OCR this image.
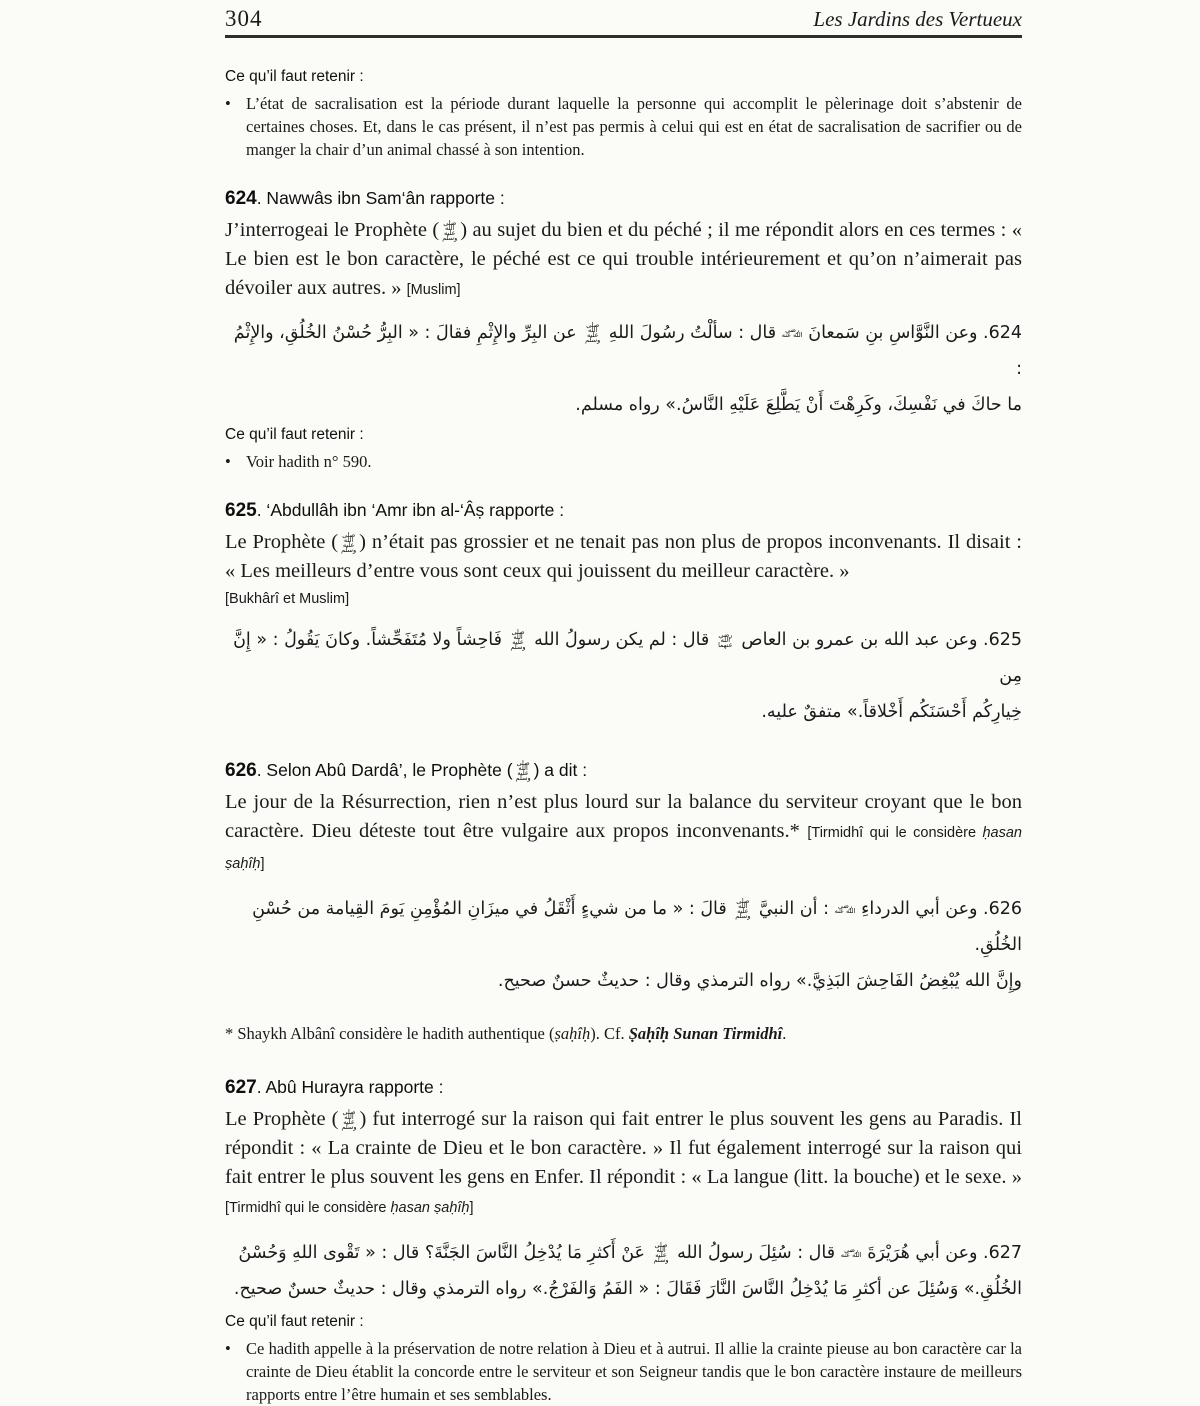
304	Les Jardins des Vertueux
Ce qu’il faut retenir :
• L’état de sacralisation est la période durant laquelle la personne qui accomplit le pèlerinage doit s’abstenir de certaines choses. Et, dans le cas présent, il n’est pas permis à celui qui est en état de sacralisation de sacrifier ou de manger la chair d’un animal chassé à son intention.
624. Nawwâs ibn Sam‘ân rapporte :
J’interrogeai le Prophète ( صلى الله عليه وسلم ) au sujet du bien et du péché ; il me répondit alors en ces termes : « Le bien est le bon caractère, le péché est ce qui trouble intérieurement et qu’on n’aimerait pas dévoiler aux autres. » [Muslim]
624. وعن النَّوَّاسِ بنِ سَمعانَ رضي الله عنه قال : سألْتُ رسُولَ اللهِ صلى الله عليه وسلم عن البِرِّ والإِثْمِ فقالَ : « البِرُّ حُسْنُ الخُلُقِ، والإِثْمُ :
ما حاكَ في نَفْسِكَ، وكَرِهْتَ أَنْ يَطَّلِعَ عَلَيْهِ النَّاسُ.» رواه مسلم.
Ce qu’il faut retenir :
• Voir hadith n° 590.
625. ‘Abdullâh ibn ‘Amr ibn al-‘Âṣ rapporte :
Le Prophète ( صلى الله عليه وسلم ) n’était pas grossier et ne tenait pas non plus de propos inconvenants. Il disait : « Les meilleurs d’entre vous sont ceux qui jouissent du meilleur caractère. »
[Bukhârî et Muslim]
625. وعن عبد الله بن عمرو بن العاص رضي الله عنهما قال : لم يكن رسولُ الله صلى الله عليه وسلم فَاحِشاً ولا مُتَفَحِّشاً. وكانَ يَقُولُ : « إِنَّ مِن
خِيارِكُم أَحْسَنَكُم أَخْلاقاً.» متفقٌ عليه.
626. Selon Abû Dardâ’, le Prophète ( صلى الله عليه وسلم ) a dit :
Le jour de la Résurrection, rien n’est plus lourd sur la balance du serviteur croyant que le bon caractère. Dieu déteste tout être vulgaire aux propos inconvenants.* [Tirmidhî qui le considère ḥasan ṣaḥîḥ]
626. وعن أبي الدرداءِ رضي الله عنه : أن النبيَّ صلى الله عليه وسلم قالَ : « ما من شيءٍ أَثْقَلُ في ميزَانِ المُؤْمِنِ يَومَ القِيامة من حُسْنِ الخُلُقِ.
وإِنَّ الله يُبْغِضُ الفَاحِشَ البَذِيَّ.» رواه الترمذي وقال : حديثٌ حسنٌ صحيح.
* Shaykh Albânî considère le hadith authentique (ṣaḥîḥ). Cf. Ṣaḥîḥ Sunan Tirmidhî.
627. Abû Hurayra rapporte :
Le Prophète ( صلى الله عليه وسلم ) fut interrogé sur la raison qui fait entrer le plus souvent les gens au Paradis. Il répondit : « La crainte de Dieu et le bon caractère. » Il fut également interrogé sur la raison qui fait entrer le plus souvent les gens en Enfer. Il répondit : « La langue (litt. la bouche) et le sexe. » [Tirmidhî qui le considère ḥasan ṣaḥîḥ]
627. وعن أبي هُرَيْرَةَ رضي الله عنه قال : سُئِلَ رسولُ الله صلى الله عليه وسلم عَنْ أَكثرِ مَا يُدْخِلُ النَّاسَ الجَنَّةَ؟ قال : « تَقْوى اللهِ وَحُسْنُ
الخُلُقِ.» وَسُئِلَ عن أكثرِ مَا يُدْخِلُ النَّاسَ النَّارَ فَقَالَ : « الفَمُ وَالفَرْجُ.» رواه الترمذي وقال : حديثٌ حسنٌ صحيح.
Ce qu’il faut retenir :
• Ce hadith appelle à la préservation de notre relation à Dieu et à autrui. Il allie la crainte pieuse au bon caractère car la crainte de Dieu établit la concorde entre le serviteur et son Seigneur tandis que le bon caractère instaure de meilleurs rapports entre l’être humain et ses semblables.
